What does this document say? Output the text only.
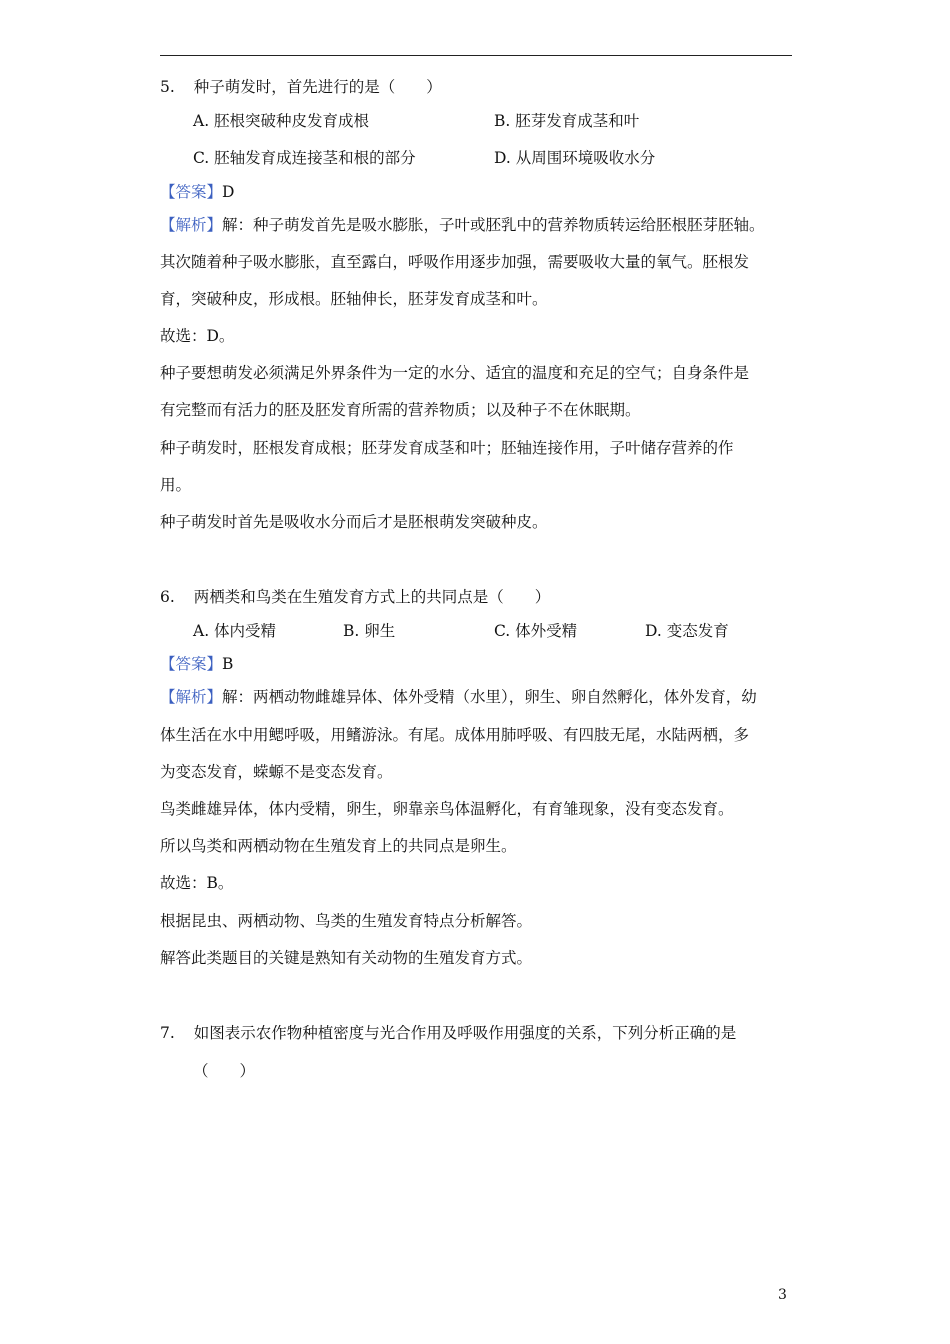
5. 种子萌发时，首先进行的是（　　）
A. 胚根突破种皮发育成根	B. 胚芽发育成茎和叶
C. 胚轴发育成连接茎和根的部分	D. 从周围环境吸收水分
【答案】D
【解析】解：种子萌发首先是吸水膨胀，子叶或胚乳中的营养物质转运给胚根胚芽胚轴。
其次随着种子吸水膨胀，直至露白，呼吸作用逐步加强，需要吸收大量的氧气。胚根发
育，突破种皮，形成根。胚轴伸长，胚芽发育成茎和叶。
故选：D。
种子要想萌发必须满足外界条件为一定的水分、适宜的温度和充足的空气；自身条件是
有完整而有活力的胚及胚发育所需的营养物质；以及种子不在休眠期。
种子萌发时，胚根发育成根；胚芽发育成茎和叶；胚轴连接作用，子叶储存营养的作
用。
种子萌发时首先是吸收水分而后才是胚根萌发突破种皮。
6. 两栖类和鸟类在生殖发育方式上的共同点是（　　）
A. 体内受精	B. 卵生	C. 体外受精	D. 变态发育
【答案】B
【解析】解：两栖动物雌雄异体、体外受精（水里），卵生、卵自然孵化，体外发育，幼
体生活在水中用鳃呼吸，用鳍游泳。有尾。成体用肺呼吸、有四肢无尾，水陆两栖，多
为变态发育，蝾螈不是变态发育。
鸟类雌雄异体，体内受精，卵生，卵靠亲鸟体温孵化，有育雏现象，没有变态发育。
所以鸟类和两栖动物在生殖发育上的共同点是卵生。
故选：B。
根据昆虫、两栖动物、鸟类的生殖发育特点分析解答。
解答此类题目的关键是熟知有关动物的生殖发育方式。
7. 如图表示农作物种植密度与光合作用及呼吸作用强度的关系，下列分析正确的是
（　　）
3
